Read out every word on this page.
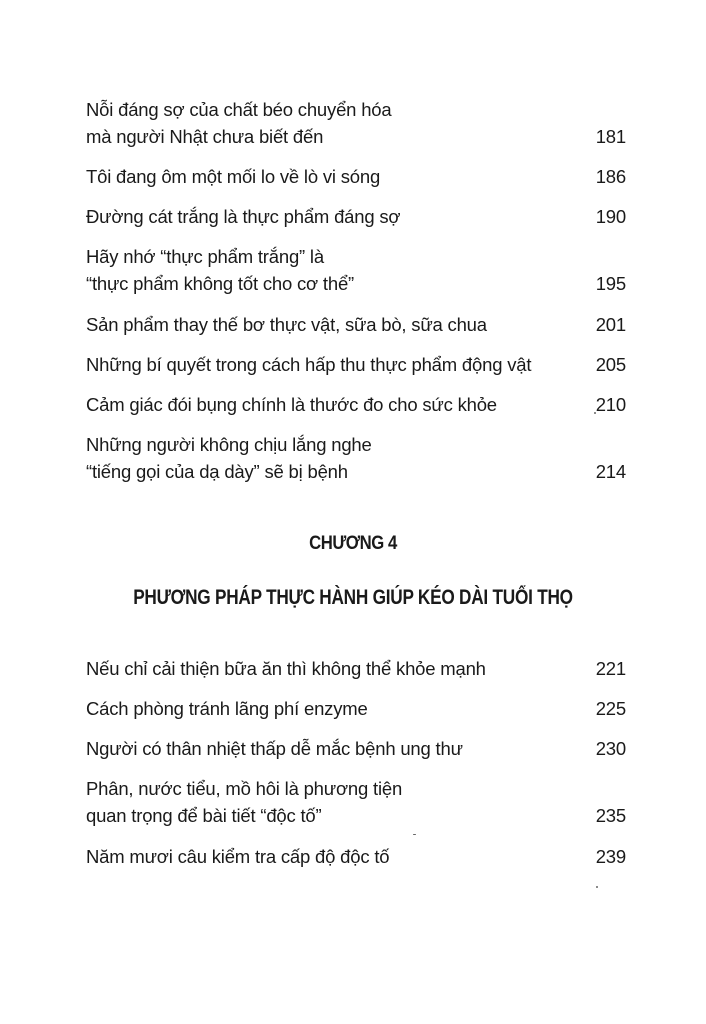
Nỗi đáng sợ của chất béo chuyển hóa
mà người Nhật chưa biết đến	181
Tôi đang ôm một mối lo về lò vi sóng	186
Đường cát trắng là thực phẩm đáng sợ	190
Hãy nhớ “thực phẩm trắng” là
“thực phẩm không tốt cho cơ thể”	195
Sản phẩm thay thế bơ thực vật, sữa bò, sữa chua	201
Những bí quyết trong cách hấp thu thực phẩm động vật	205
Cảm giác đói bụng chính là thước đo cho sức khỏe	210
Những người không chịu lắng nghe
“tiếng gọi của dạ dày” sẽ bị bệnh	214
CHƯƠNG 4
PHƯƠNG PHÁP THỰC HÀNH GIÚP KÉO DÀI TUỔI THỌ
Nếu chỉ cải thiện bữa ăn thì không thể khỏe mạnh	221
Cách phòng tránh lãng phí enzyme	225
Người có thân nhiệt thấp dễ mắc bệnh ung thư	230
Phân, nước tiểu, mồ hôi là phương tiện
quan trọng để bài tiết “độc tố”	235
Năm mươi câu kiểm tra cấp độ độc tố	239
